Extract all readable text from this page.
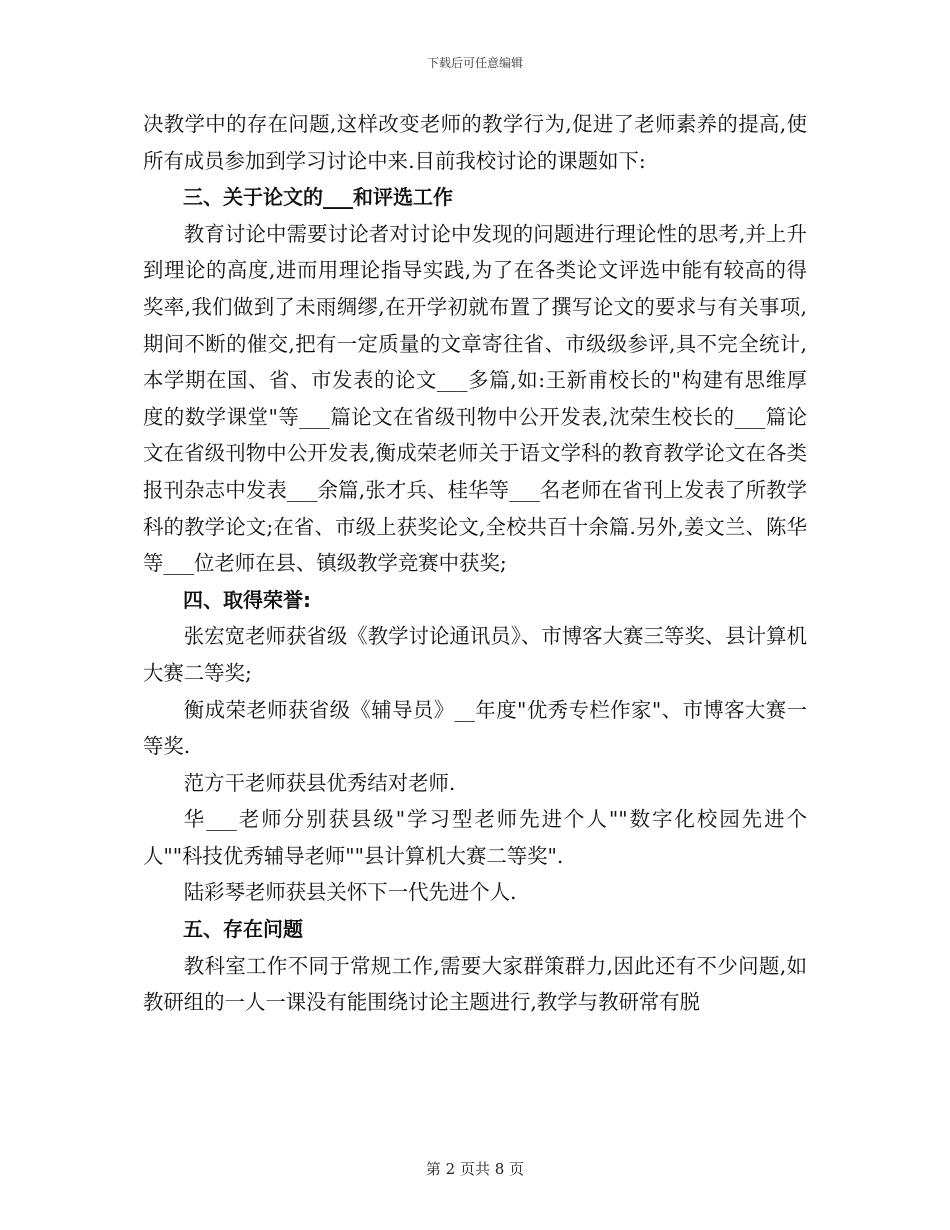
下载后可任意编辑

决教学中的存在问题,这样改变老师的教学行为,促进了老师素养的提高,使所有成员参加到学习讨论中来.目前我校讨论的课题如下:

三、关于论文的___和评选工作

教育讨论中需要讨论者对讨论中发现的问题进行理论性的思考,并上升到理论的高度,进而用理论指导实践,为了在各类论文评选中能有较高的得奖率,我们做到了未雨绸缪,在开学初就布置了撰写论文的要求与有关事项,期间不断的催交,把有一定质量的文章寄往省、市级级参评,具不完全统计,本学期在国、省、市发表的论文___多篇,如:王新甫校长的"构建有思维厚度的数学课堂"等___篇论文在省级刊物中公开发表,沈荣生校长的___篇论文在省级刊物中公开发表,衡成荣老师关于语文学科的教育教学论文在各类报刊杂志中发表___余篇,张才兵、桂华等___名老师在省刊上发表了所教学科的教学论文;在省、市级上获奖论文,全校共百十余篇.另外,姜文兰、陈华等___位老师在县、镇级教学竞赛中获奖;

四、取得荣誉:

张宏宽老师获省级《教学讨论通讯员》、市博客大赛三等奖、县计算机大赛二等奖;

衡成荣老师获省级《辅导员》__年度"优秀专栏作家"、市博客大赛一等奖.

范方干老师获县优秀结对老师.

华___老师分别获县级"学习型老师先进个人""数字化校园先进个人""科技优秀辅导老师""县计算机大赛二等奖".

陆彩琴老师获县关怀下一代先进个人.

五、存在问题

教科室工作不同于常规工作,需要大家群策群力,因此还有不少问题,如教研组的一人一课没有能围绕讨论主题进行,教学与教研常有脱

第 2 页共 8 页
